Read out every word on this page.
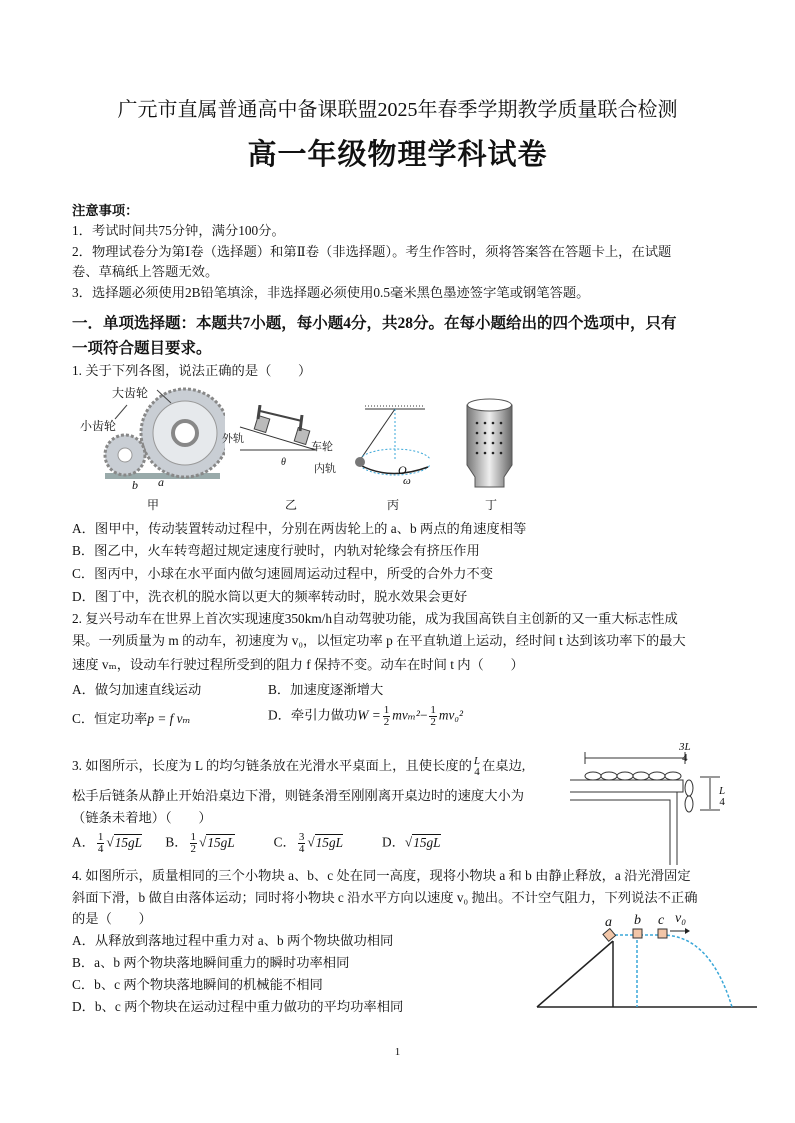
广元市直属普通高中备课联盟2025年春季学期教学质量联合检测
高一年级物理学科试卷
注意事项：
1．考试时间共75分钟，满分100分。
2．物理试卷分为第Ⅰ卷（选择题）和第Ⅱ卷（非选择题）。考生作答时，须将答案答在答题卡上，在试题
卷、草稿纸上答题无效。
3．选择题必须使用2B铅笔填涂，非选择题必须使用0.5毫米黑色墨迹签字笔或钢笔答题。
一．单项选择题：本题共7小题，每小题4分，共28分。在每小题给出的四个选项中，只有
一项符合题目要求。
1. 关于下列各图，说法正确的是（　　）
大齿轮
小齿轮
b a
甲
外轨
车轮
内轨
θ
乙
O
ω
丙	丁
A．图甲中，传动装置转动过程中，分别在两齿轮上的 a、b 两点的角速度相等
B．图乙中，火车转弯超过规定速度行驶时，内轨对轮缘会有挤压作用
C．图丙中，小球在水平面内做匀速圆周运动过程中，所受的合外力不变
D．图丁中，洗衣机的脱水筒以更大的频率转动时，脱水效果会更好
2. 复兴号动车在世界上首次实现速度350km/h自动驾驶功能，成为我国高铁自主创新的又一重大标志性成
果。一列质量为 m 的动车，初速度为 v₀，以恒定功率 p 在平直轨道上运动，经时间 t 达到该功率下的最大
速度 vₘ，设动车行驶过程所受到的阻力 f 保持不变。动车在时间 t 内（　　）
A．做匀加速直线运动	B．加速度逐渐增大
C．恒定功率p = f vₘ	D．牵引力做功$W = \frac{1}{2} mv_m^2- \frac{1}{2} mv_0^2$
3. 如图所示，长度为 L 的均匀链条放在光滑水平桌面上，且使长度的 L
4 在桌边,
松手后链条从静止开始沿桌边下滑，则链条滑至刚刚离开桌边时的速度大小为
（链条未着地）（　　）
A． $\frac{1}{4} √15gL$ B． $\frac{1}{2} √15gL$	C． $\frac{3}{4} √15gL$	D．√15gL
3L
4
L
4
4. 如图所示，质量相同的三个小物块 a、b、c 处在同一高度，现将小物块 a 和 b 由静止释放，a 沿光滑固定
斜面下滑，b 做自由落体运动；同时将小物块 c 沿水平方向以速度 v₀ 抛出。不计空气阻力，下列说法不正确
的是（　　）
A．从释放到落地过程中重力对 a、b 两个物块做功相同
B．a、b 两个物块落地瞬间重力的瞬时功率相同
C．b、c 两个物块落地瞬间的机械能不相同
D．b、c 两个物块在运动过程中重力做功的平均功率相同
a b c v₀
1
